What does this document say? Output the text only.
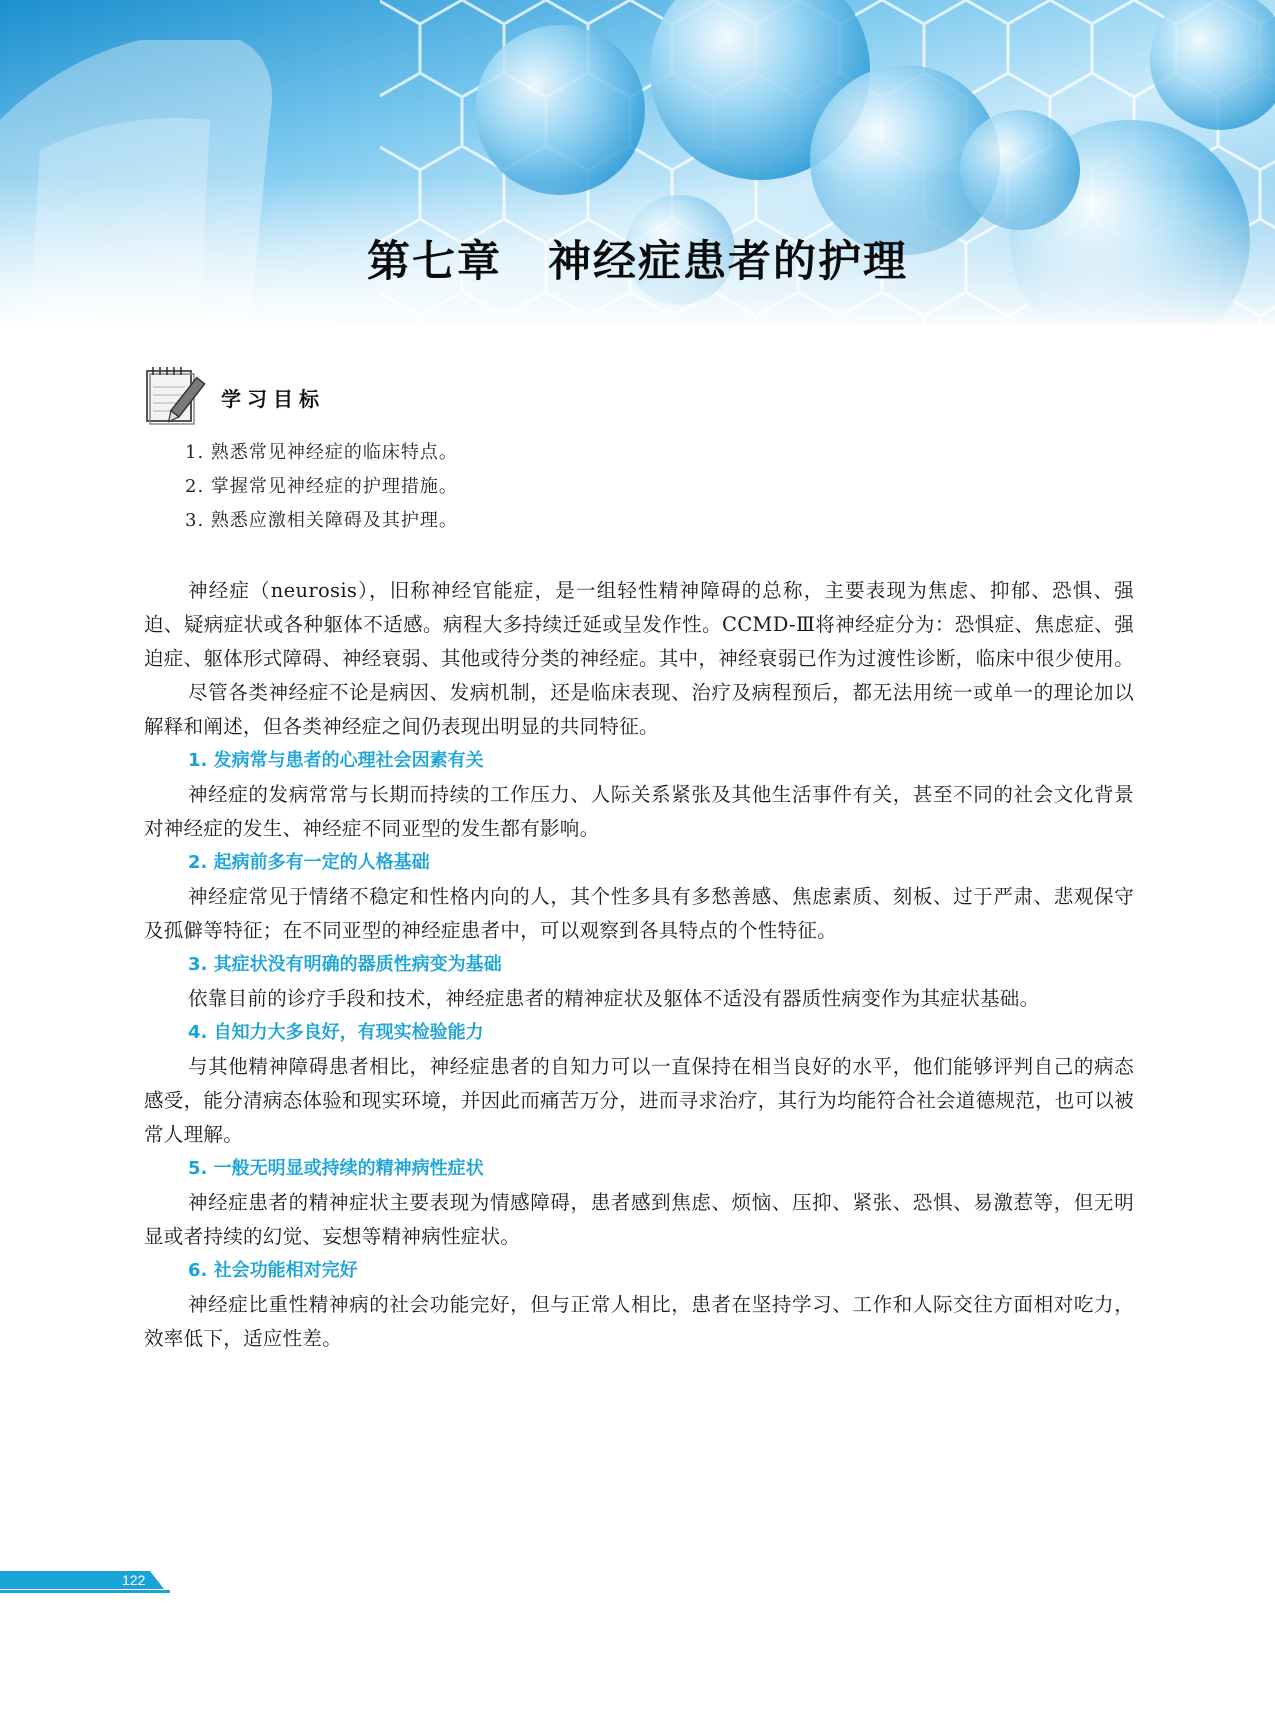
第七章 神经症患者的护理
学习目标
1. 熟悉常见神经症的临床特点。
2. 掌握常见神经症的护理措施。
3. 熟悉应激相关障碍及其护理。

神经症（neurosis），旧称神经官能症，是一组轻性精神障碍的总称，主要表现为焦虑、抑郁、恐惧、强迫、疑病症状或各种躯体不适感。病程大多持续迁延或呈发作性。CCMD-Ⅲ将神经症分为：恐惧症、焦虑症、强迫症、躯体形式障碍、神经衰弱、其他或待分类的神经症。其中，神经衰弱已作为过渡性诊断，临床中很少使用。

尽管各类神经症不论是病因、发病机制，还是临床表现、治疗及病程预后，都无法用统一或单一的理论加以解释和阐述，但各类神经症之间仍表现出明显的共同特征。

1. 发病常与患者的心理社会因素有关

神经症的发病常常与长期而持续的工作压力、人际关系紧张及其他生活事件有关，甚至不同的社会文化背景对神经症的发生、神经症不同亚型的发生都有影响。

2. 起病前多有一定的人格基础

神经症常见于情绪不稳定和性格内向的人，其个性多具有多愁善感、焦虑素质、刻板、过于严肃、悲观保守及孤僻等特征；在不同亚型的神经症患者中，可以观察到各具特点的个性特征。

3. 其症状没有明确的器质性病变为基础

依靠目前的诊疗手段和技术，神经症患者的精神症状及躯体不适没有器质性病变作为其症状基础。

4. 自知力大多良好，有现实检验能力

与其他精神障碍患者相比，神经症患者的自知力可以一直保持在相当良好的水平，他们能够评判自己的病态感受，能分清病态体验和现实环境，并因此而痛苦万分，进而寻求治疗，其行为均能符合社会道德规范，也可以被常人理解。

5. 一般无明显或持续的精神病性症状

神经症患者的精神症状主要表现为情感障碍，患者感到焦虑、烦恼、压抑、紧张、恐惧、易激惹等，但无明显或者持续的幻觉、妄想等精神病性症状。

6. 社会功能相对完好

神经症比重性精神病的社会功能完好，但与正常人相比，患者在坚持学习、工作和人际交往方面相对吃力，效率低下，适应性差。

122
